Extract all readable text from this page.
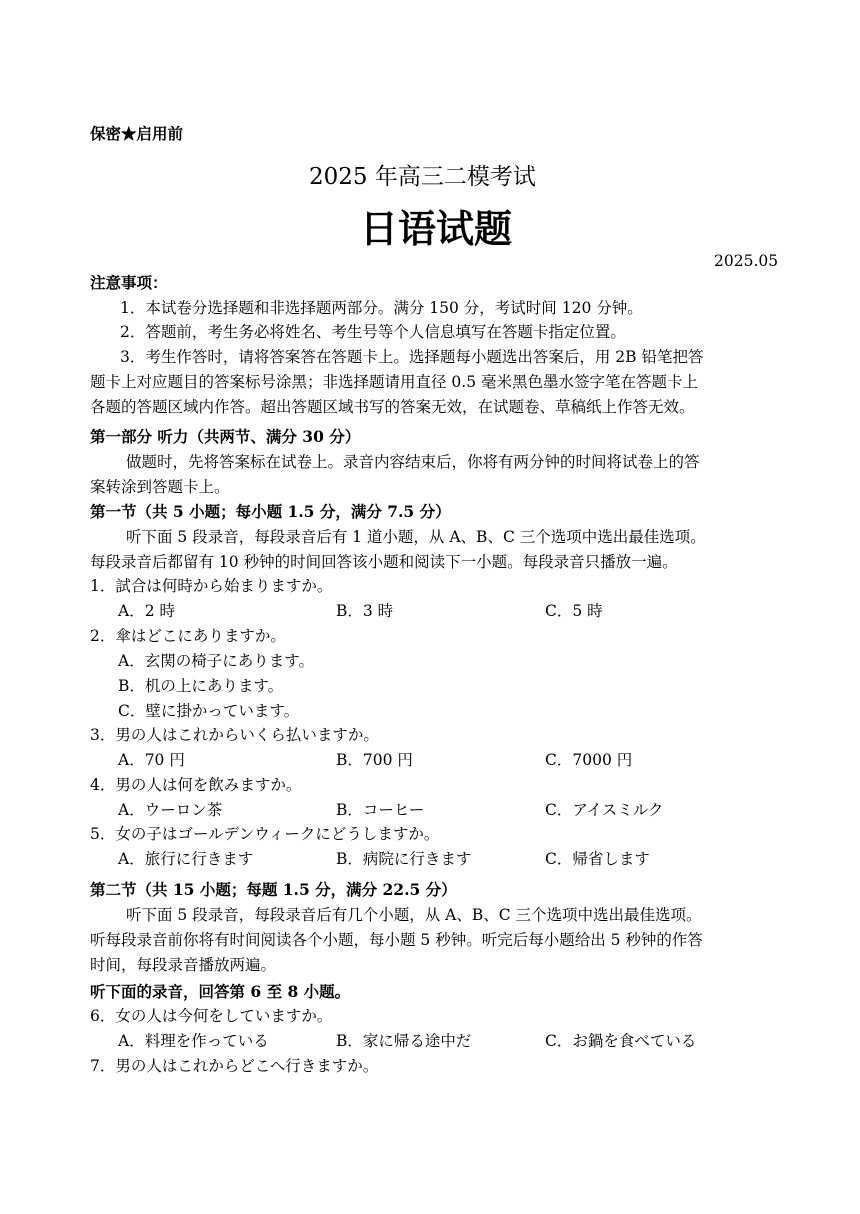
保密★启用前
2025 年高三二模考试
日语试题
2025.05
注意事项：
1．本试卷分选择题和非选择题两部分。满分 150 分，考试时间 120 分钟。
2．答题前，考生务必将姓名、考生号等个人信息填写在答题卡指定位置。
3．考生作答时，请将答案答在答题卡上。选择题每小题选出答案后，用 2B 铅笔把答
题卡上对应题目的答案标号涂黑；非选择题请用直径 0.5 毫米黑色墨水签字笔在答题卡上
各题的答题区域内作答。超出答题区域书写的答案无效，在试题卷、草稿纸上作答无效。
第一部分 听力（共两节、满分 30 分）
做题时，先将答案标在试卷上。录音内容结束后，你将有两分钟的时间将试卷上的答
案转涂到答题卡上。
第一节（共 5 小题；每小题 1.5 分，满分 7.5 分）
听下面 5 段录音，每段录音后有 1 道小题，从 A、B、C 三个选项中选出最佳选项。
每段录音后都留有 10 秒钟的时间回答该小题和阅读下一小题。每段录音只播放一遍。
1．試合は何時から始まりますか。
A．2 時	B．3 時	C．5 時
2．傘はどこにありますか。
A．玄関の椅子にあります。
B．机の上にあります。
C．壁に掛かっています。
3．男の人はこれからいくら払いますか。
A．70 円	B．700 円	C．7000 円
4．男の人は何を飲みますか。
A．ウーロン茶	B．コーヒー	C．アイスミルク
5．女の子はゴールデンウィークにどうしますか。
A．旅行に行きます	B．病院に行きます	C．帰省します
第二节（共 15 小题；每题 1.5 分，满分 22.5 分）
听下面 5 段录音，每段录音后有几个小题，从 A、B、C 三个选项中选出最佳选项。
听每段录音前你将有时间阅读各个小题，每小题 5 秒钟。听完后每小题给出 5 秒钟的作答
时间，每段录音播放两遍。
听下面的录音，回答第 6 至 8 小题。
6．女の人は今何をしていますか。
A．料理を作っている	B．家に帰る途中だ	C．お鍋を食べている
7．男の人はこれからどこへ行きますか。
